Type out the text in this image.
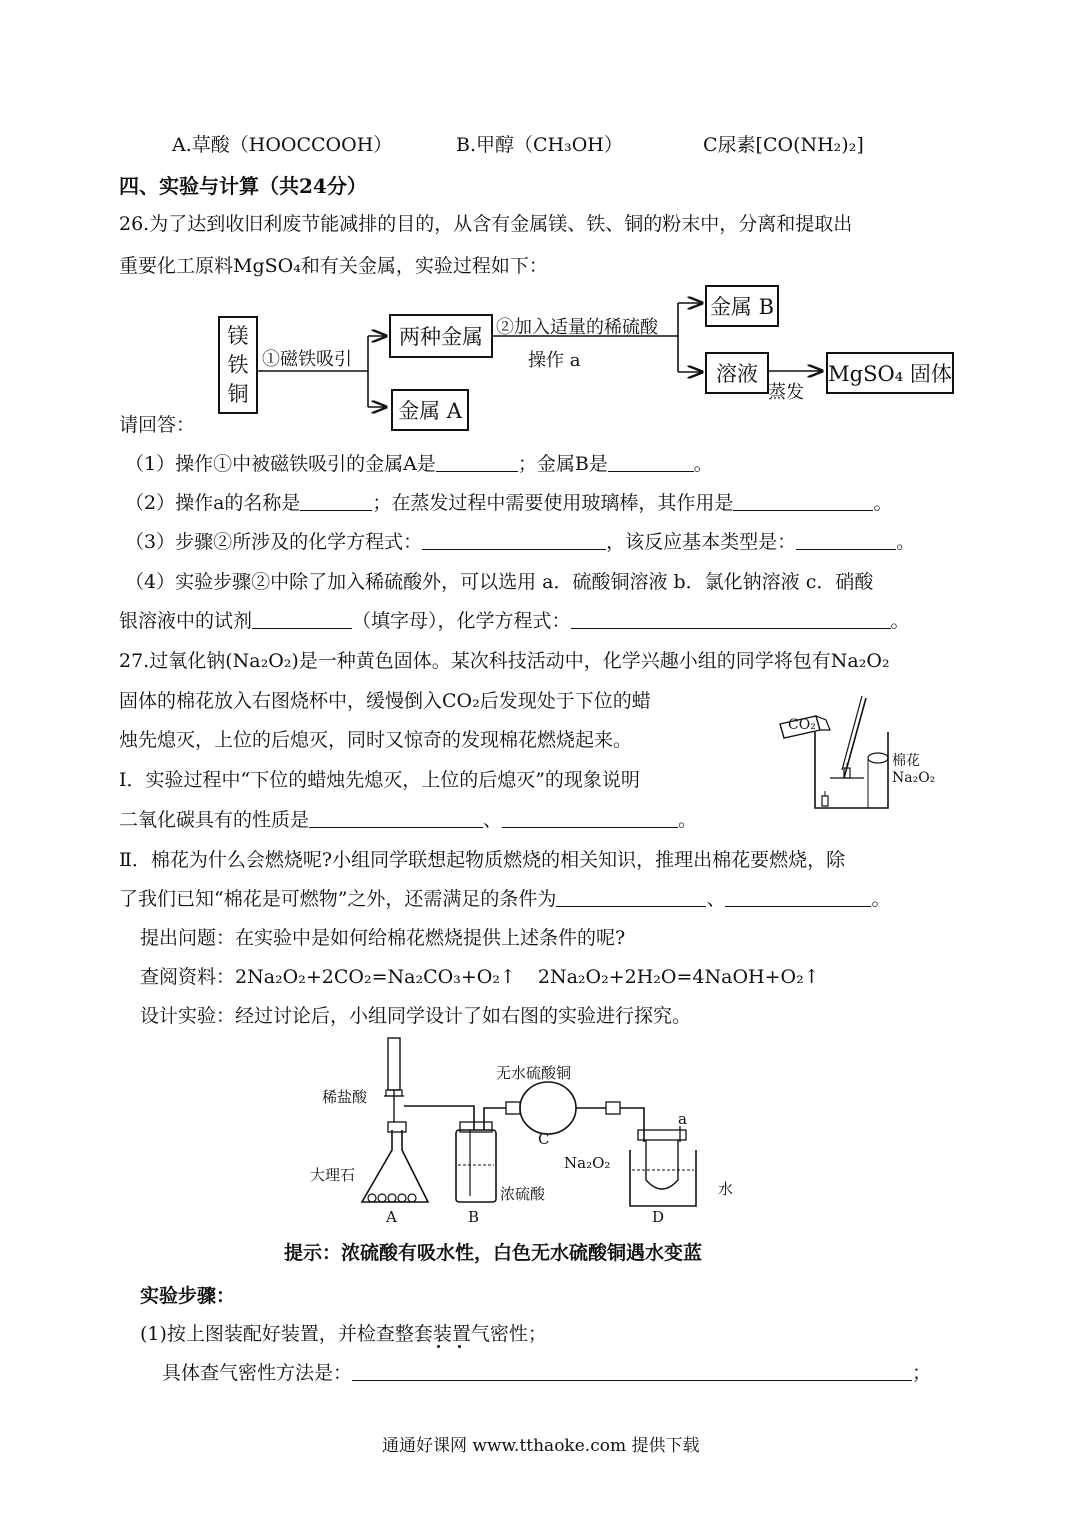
A.草酸（HOOCCOOH）	B.甲醇（CH₃OH）	C尿素[CO(NH₂)₂]
四、实验与计算（共24分）
26.为了达到收旧利废节能减排的目的，从含有金属镁、铁、铜的粉末中，分离和提取出
重要化工原料MgSO₄和有关金属，实验过程如下：
镁
铁
铜
①磁铁吸引
两种金属
金属 A
②加入适量的稀硫酸
操作 a
金属 B
溶液
蒸发
MgSO₄ 固体
请回答：
（1）操作①中被磁铁吸引的金属A是	；金属B是	。
（2）操作a的名称是	；在蒸发过程中需要使用玻璃棒，其作用是	。
（3）步骤②所涉及的化学方程式：	，该反应基本类型是：	。
（4）实验步骤②中除了加入稀硫酸外，可以选用 a．硫酸铜溶液 b．氯化钠溶液 c．硝酸
银溶液中的试剂	（填字母），化学方程式：	。
27.过氧化钠(Na₂O₂)是一种黄色固体。某次科技活动中，化学兴趣小组的同学将包有Na₂O₂
固体的棉花放入右图烧杯中，缓慢倒入CO₂后发现处于下位的蜡
烛先熄灭，上位的后熄灭，同时又惊奇的发现棉花燃烧起来。
CO₂
棉花
Na₂O₂
I．实验过程中“下位的蜡烛先熄灭，上位的后熄灭”的现象说明
二氧化碳具有的性质是	、	。
Ⅱ．棉花为什么会燃烧呢?小组同学联想起物质燃烧的相关知识，推理出棉花要燃烧，除
了我们已知“棉花是可燃物”之外，还需满足的条件为	、	。
提出问题：在实验中是如何给棉花燃烧提供上述条件的呢?
查阅资料：2Na₂O₂+2CO₂=Na₂CO₃+O₂↑ 2Na₂O₂+2H₂O=4NaOH+O₂↑
设计实验：经过讨论后，小组同学设计了如右图的实验进行探究。
稀盐酸
大理石
无水硫酸铜
浓硫酸
Na₂O₂
水
a
A	B
C
D
提示：浓硫酸有吸水性，白色无水硫酸铜遇水变蓝
实验步骤：
(1)按上图装配好装置，并检查整套装置气密性；
具体查气密性方法是：	；
通通好课网 www.tthaoke.com 提供下载
